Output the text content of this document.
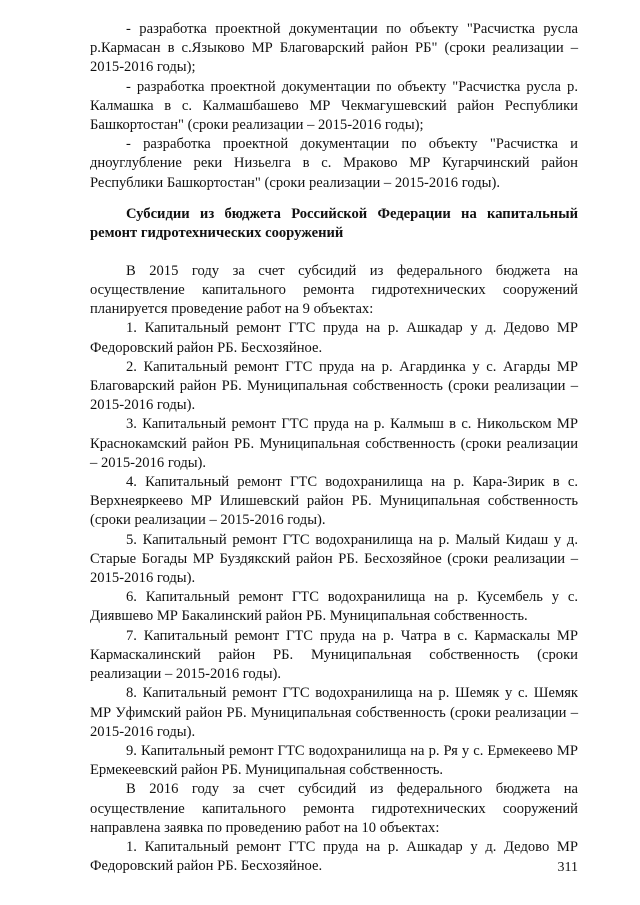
- разработка проектной документации по объекту "Расчистка русла р.Кармасан в с.Языково МР Благоварский район РБ" (сроки реализации – 2015-2016 годы);

- разработка проектной документации по объекту "Расчистка русла р. Калмашка в с. Калмашбашево МР Чекмагушевский район Республики Башкортостан" (сроки реализации – 2015-2016 годы);

- разработка проектной документации по объекту "Расчистка и дноуглубление реки Низьелга в с. Мраково МР Кугарчинский район Республики Башкортостан" (сроки реализации – 2015-2016 годы).

Субсидии из бюджета Российской Федерации на капитальный ремонт гидротехнических сооружений

В 2015 году за счет субсидий из федерального бюджета на осуществление капитального ремонта гидротехнических сооружений планируется проведение работ на 9 объектах:

1. Капитальный ремонт ГТС пруда на р. Ашкадар у д. Дедово МР Федоровский район РБ. Бесхозяйное.

2. Капитальный ремонт ГТС пруда на р. Агардинка у с. Агарды МР Благоварский район РБ. Муниципальная собственность (сроки реализации – 2015-2016 годы).

3. Капитальный ремонт ГТС пруда на р. Калмыш в с. Никольском МР Краснокамский район РБ. Муниципальная собственность (сроки реализации – 2015-2016 годы).

4. Капитальный ремонт ГТС водохранилища на р. Кара-Зирик в с. Верхнеяркеево МР Илишевский район РБ. Муниципальная собственность (сроки реализации – 2015-2016 годы).

5. Капитальный ремонт ГТС водохранилища на р. Малый Кидаш у д. Старые Богады МР Буздякский район РБ. Бесхозяйное (сроки реализации – 2015-2016 годы).

6. Капитальный ремонт ГТС водохранилища на р. Кусембель у с. Диявшево МР Бакалинский район РБ. Муниципальная собственность.

7. Капитальный ремонт ГТС пруда на р. Чатра в с. Кармаскалы МР Кармаскалинский район РБ. Муниципальная собственность (сроки реализации – 2015-2016 годы).

8. Капитальный ремонт ГТС водохранилища на р. Шемяк у с. Шемяк МР Уфимский район РБ. Муниципальная собственность (сроки реализации – 2015-2016 годы).

9. Капитальный ремонт ГТС водохранилища на р. Ря у с. Ермекеево МР Ермекеевский район РБ. Муниципальная собственность.

В 2016 году за счет субсидий из федерального бюджета на осуществление капитального ремонта гидротехнических сооружений направлена заявка по проведению работ на 10 объектах:

1. Капитальный ремонт ГТС пруда на р. Ашкадар у д. Дедово МР Федоровский район РБ. Бесхозяйное.	311
